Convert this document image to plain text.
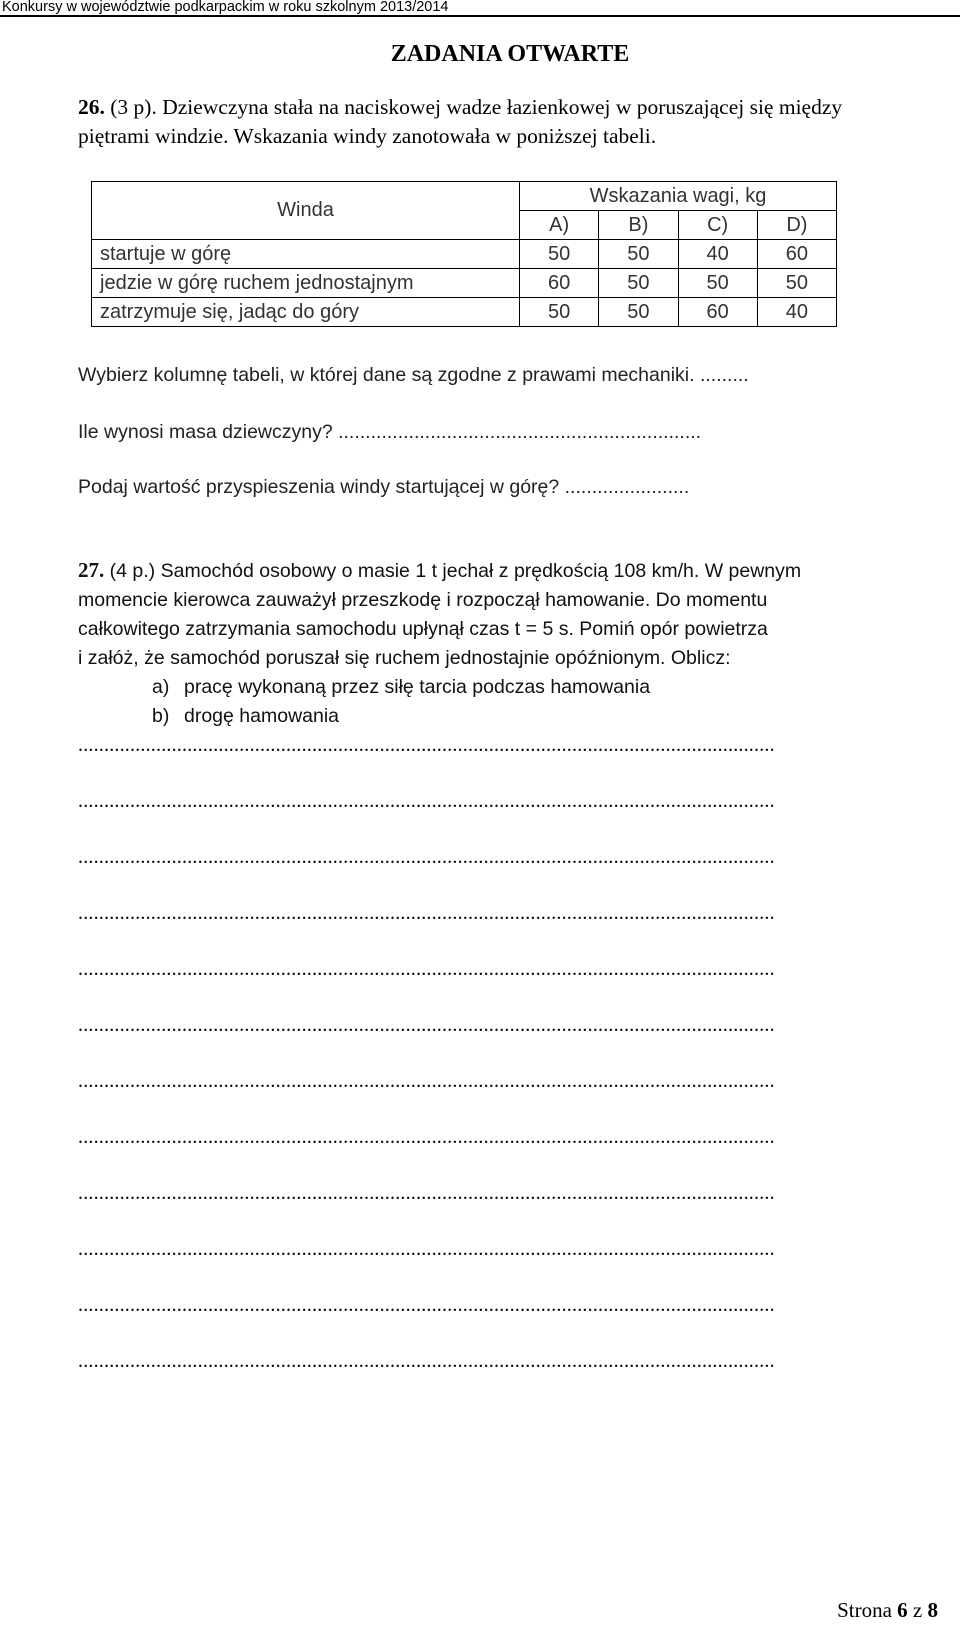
Konkursy w województwie podkarpackim w roku szkolnym 2013/2014
ZADANIA OTWARTE
26. (3 p). Dziewczyna stała na naciskowej wadze łazienkowej w poruszającej się między
piętrami windzie. Wskazania windy zanotowała w poniższej tabeli.
Winda	Wskazania wagi, kg			
	A)	B)	C)	D)
startuje w górę	50	50	40	60
jedzie w górę ruchem jednostajnym	60	50	50	50
zatrzymuje się, jadąc do góry	50	50	60	40
Wybierz kolumnę tabeli, w której dane są zgodne z prawami mechaniki. .........
Ile wynosi masa dziewczyny? ...................................................................
Podaj wartość przyspieszenia windy startującej w górę? .......................
27. (4 p.) Samochód osobowy o masie 1 t jechał z prędkością 108 km/h. W pewnym
momencie kierowca zauważył przeszkodę i rozpoczął hamowanie. Do momentu
całkowitego zatrzymania samochodu upłynął czas t = 5 s. Pomiń opór powietrza
i załóż, że samochód poruszał się ruchem jednostajnie opóźnionym. Oblicz:

a) pracę wykonaną przez siłę tarcia podczas hamowania
b) drogę hamowania
......................................................................................................................................
......................................................................................................................................
......................................................................................................................................
......................................................................................................................................
......................................................................................................................................
......................................................................................................................................
......................................................................................................................................
......................................................................................................................................
......................................................................................................................................
......................................................................................................................................
......................................................................................................................................
......................................................................................................................................
Strona 6 z 8
